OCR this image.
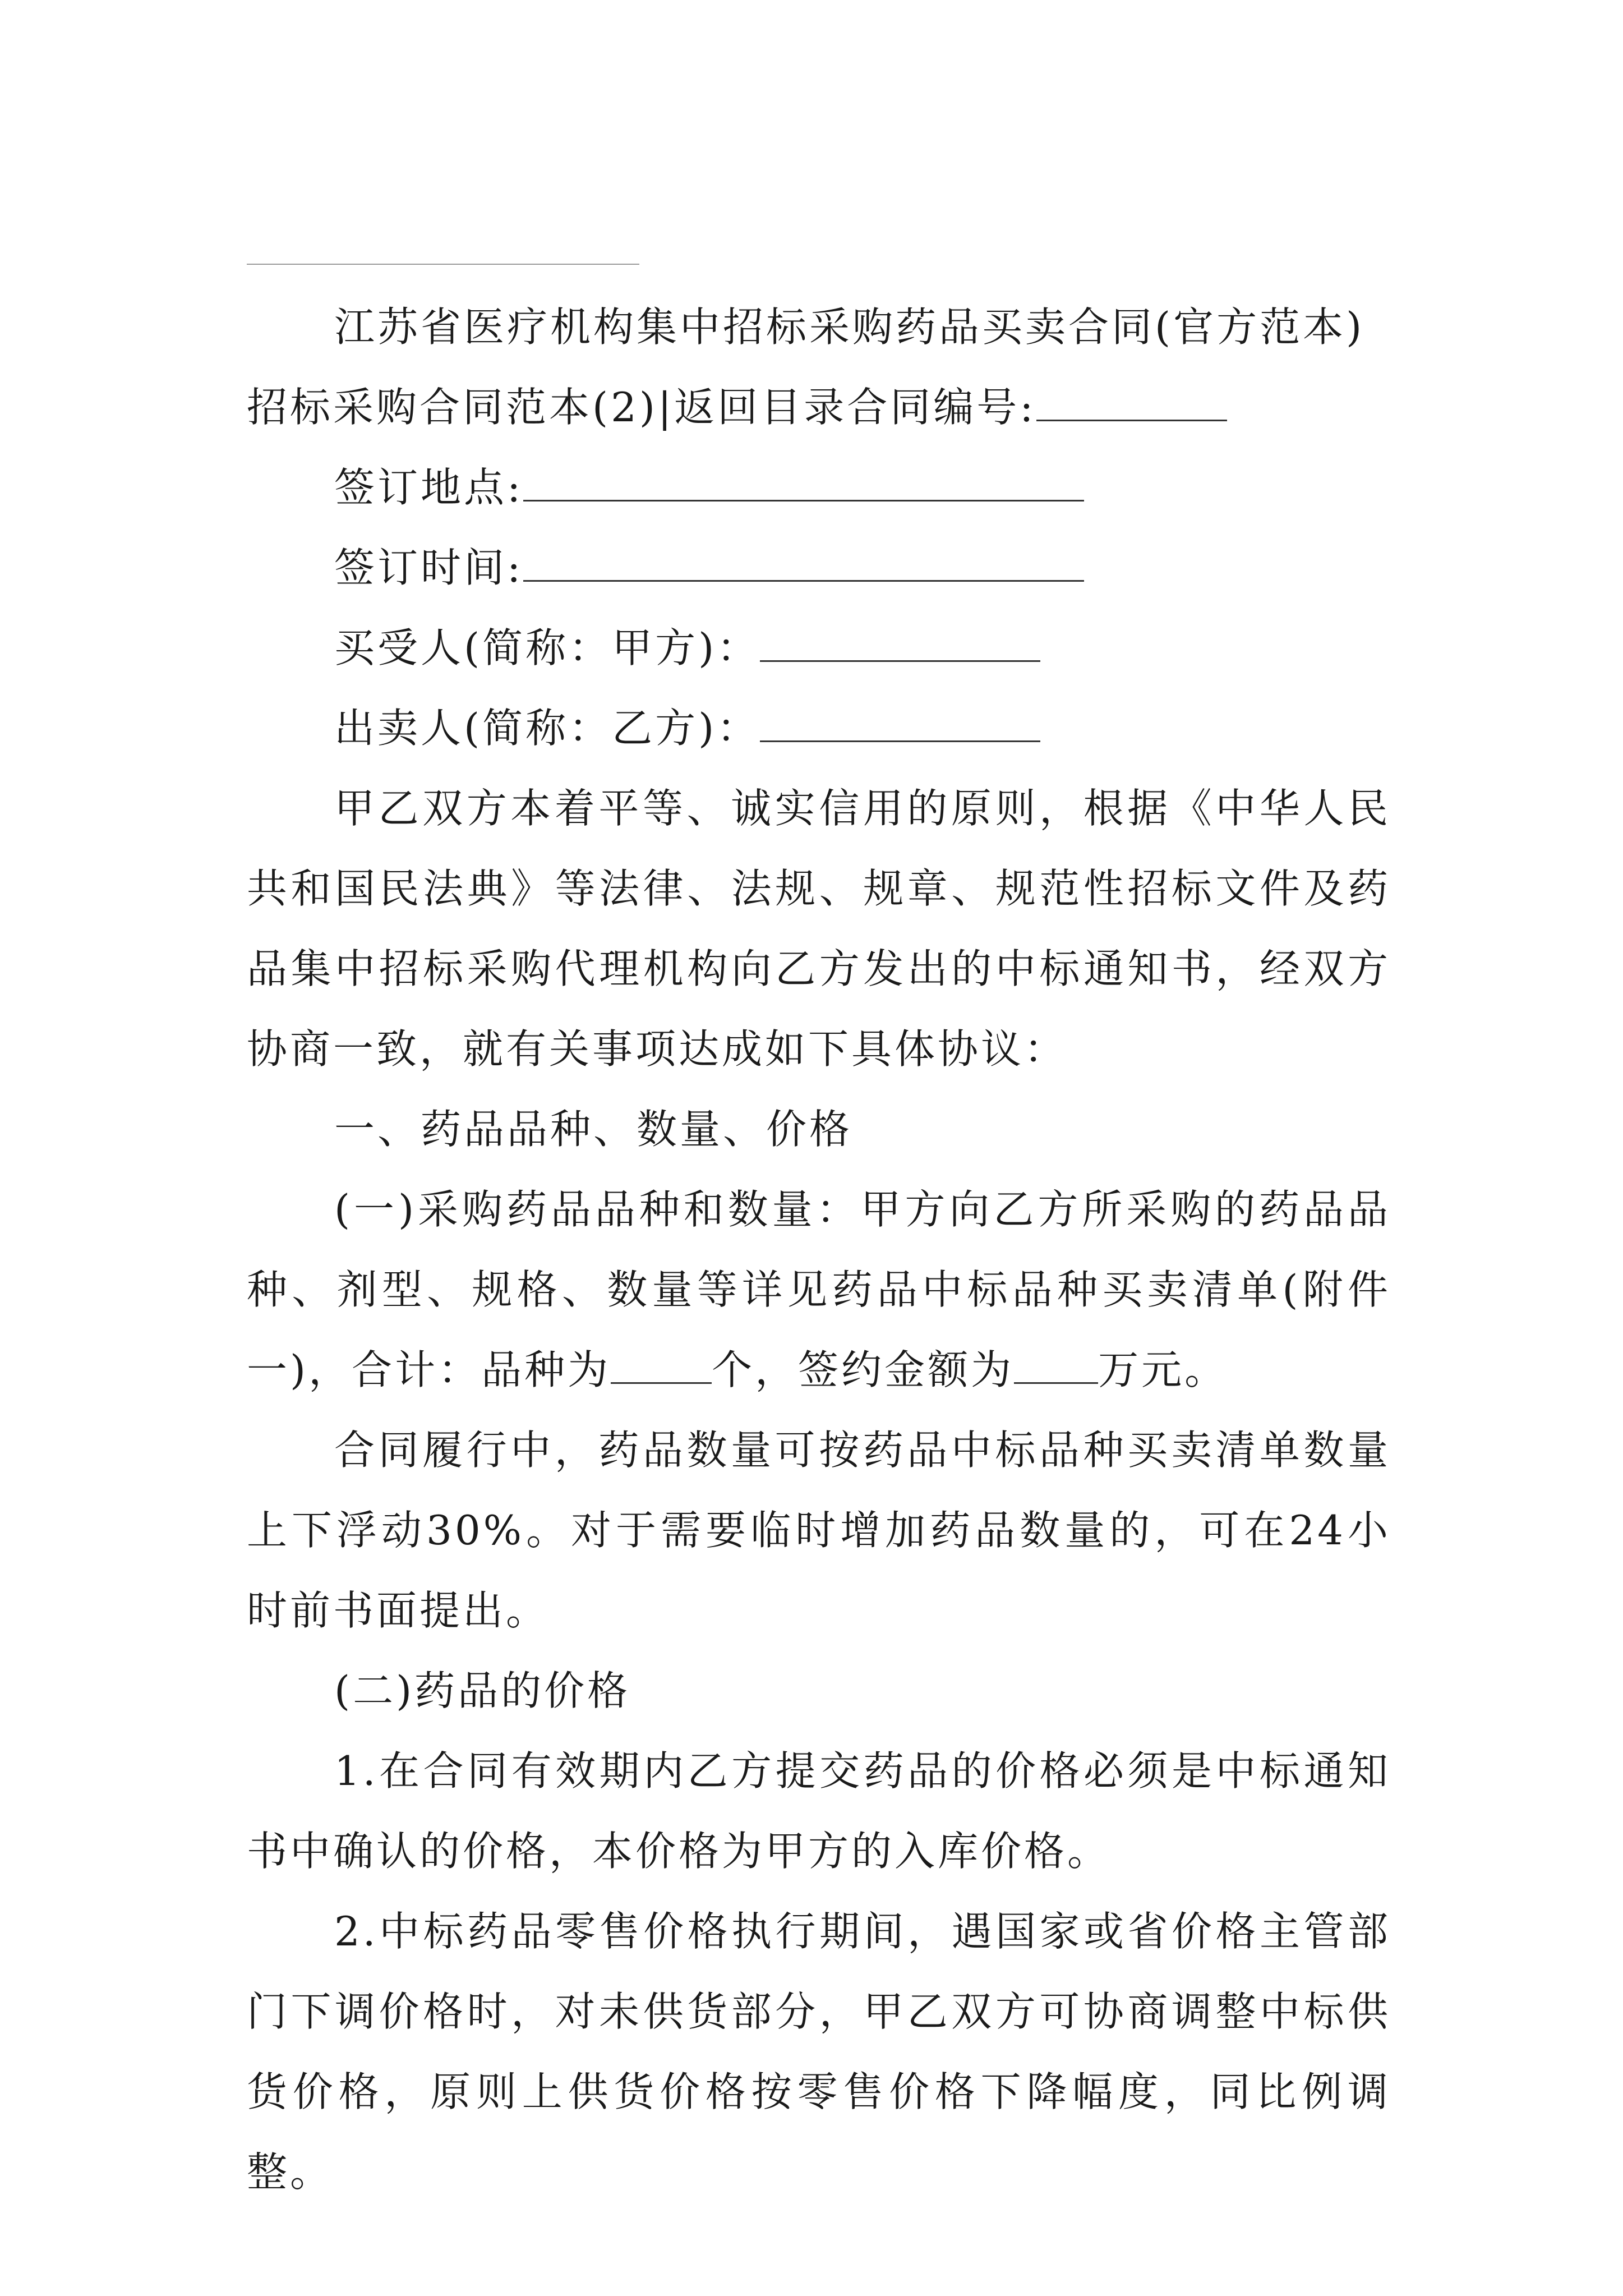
江苏省医疗机构集中招标采购药品买卖合同(官方范本)

招标采购合同范本(2)|返回目录合同编号:

签订地点:

签订时间:

买受人(简称：甲方)：

出卖人(简称：乙方)：

甲乙双方本着平等、诚实信用的原则，根据《中华人民共和国民法典》等法律、法规、规章、规范性招标文件及药品集中招标采购代理机构向乙方发出的中标通知书，经双方协商一致，就有关事项达成如下具体协议：

一、药品品种、数量、价格

(一)采购药品品种和数量：甲方向乙方所采购的药品品种、剂型、规格、数量等详见药品中标品种买卖清单(附件一)，合计：品种为	个，签约金额为 万元。

合同履行中，药品数量可按药品中标品种买卖清单数量上下浮动30%。对于需要临时增加药品数量的，可在24小时前书面提出。

(二)药品的价格

1.在合同有效期内乙方提交药品的价格必须是中标通知书中确认的价格，本价格为甲方的入库价格。

2.中标药品零售价格执行期间，遇国家或省价格主管部门下调价格时，对未供货部分，甲乙双方可协商调整中标供货价格，原则上供货价格按零售价格下降幅度，同比例调整。
